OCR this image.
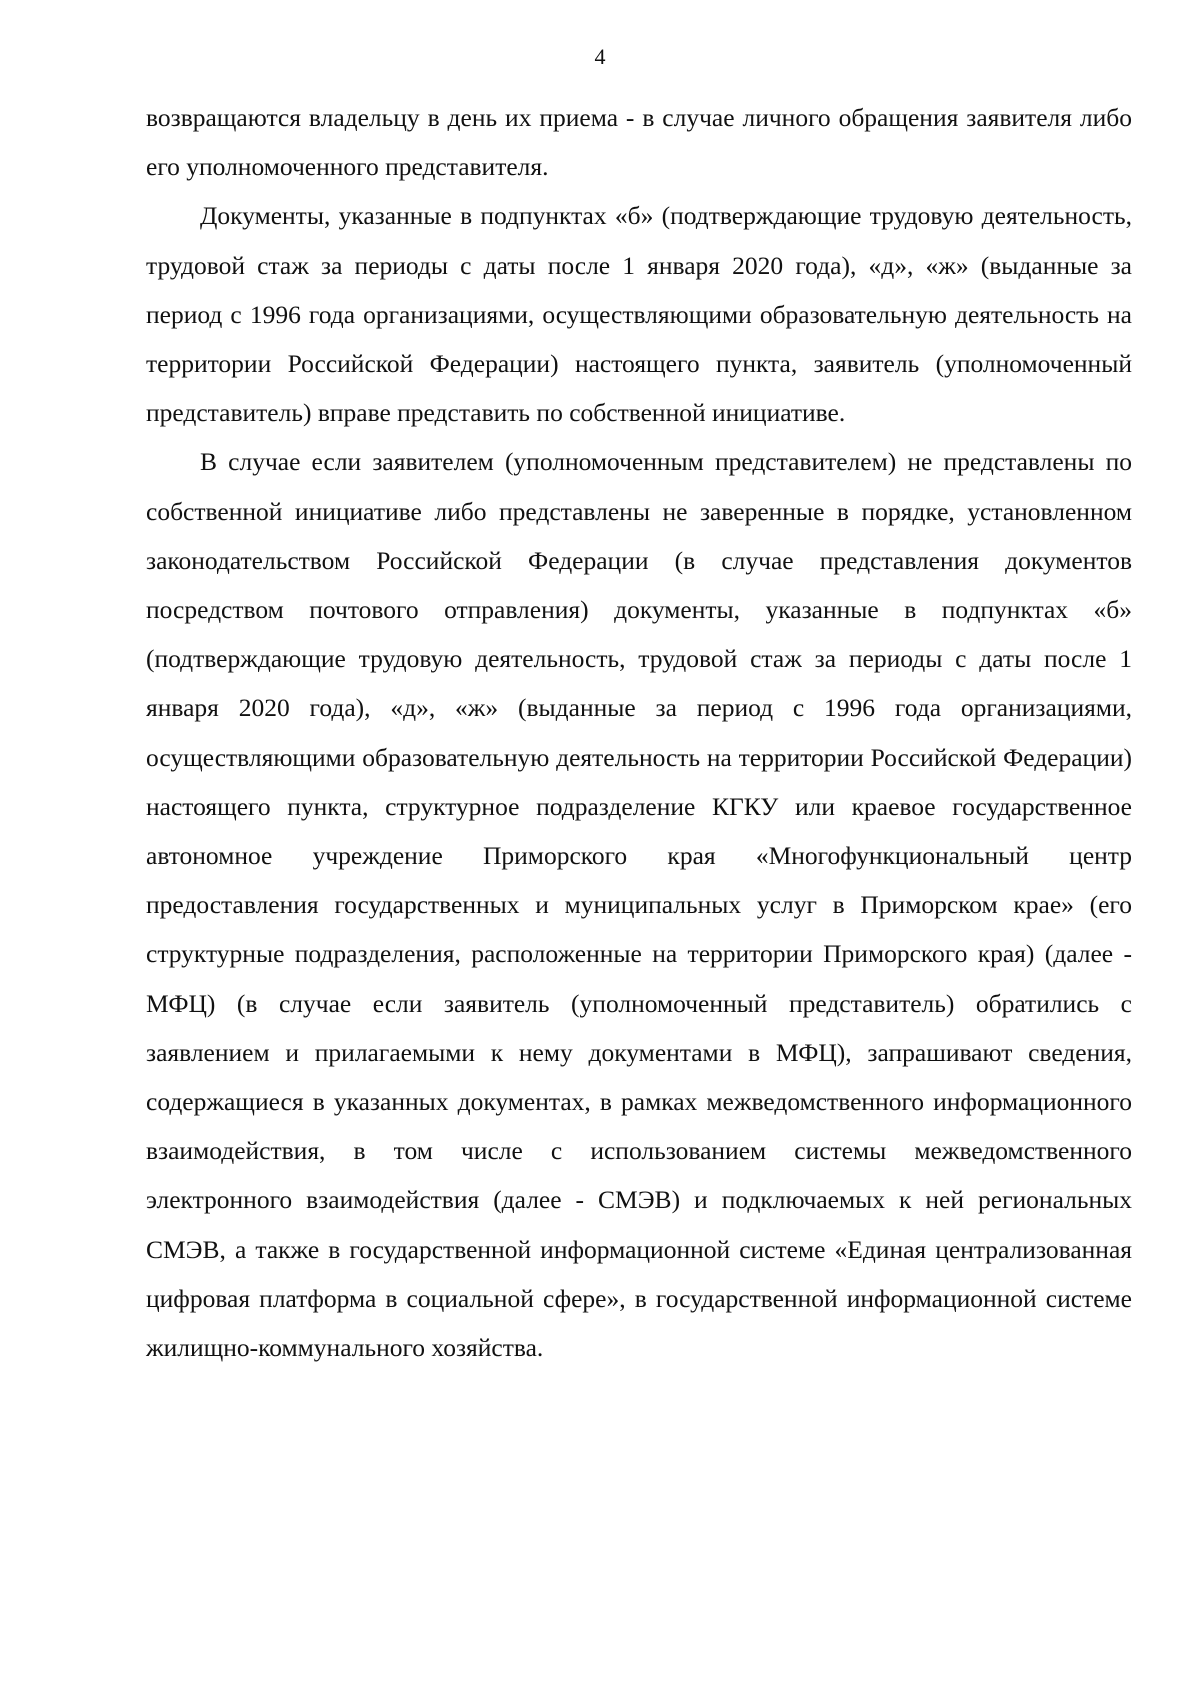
4

возвращаются владельцу в день их приема - в случае личного обращения заявителя либо его уполномоченного представителя.

Документы, указанные в подпунктах «б» (подтверждающие трудовую деятельность, трудовой стаж за периоды с даты после 1 января 2020 года), «д», «ж» (выданные за период с 1996 года организациями, осуществляющими образовательную деятельность на территории Российской Федерации) настоящего пункта, заявитель (уполномоченный представитель) вправе представить по собственной инициативе.

В случае если заявителем (уполномоченным представителем) не представлены по собственной инициативе либо представлены не заверенные в порядке, установленном законодательством Российской Федерации (в случае представления документов посредством почтового отправления) документы, указанные в подпунктах «б» (подтверждающие трудовую деятельность, трудовой стаж за периоды с даты после 1 января 2020 года), «д», «ж» (выданные за период с 1996 года организациями, осуществляющими образовательную деятельность на территории Российской Федерации) настоящего пункта, структурное подразделение КГКУ или краевое государственное автономное учреждение Приморского края «Многофункциональный центр предоставления государственных и муниципальных услуг в Приморском крае» (его структурные подразделения, расположенные на территории Приморского края) (далее - МФЦ) (в случае если заявитель (уполномоченный представитель) обратились с заявлением и прилагаемыми к нему документами в МФЦ), запрашивают сведения, содержащиеся в указанных документах, в рамках межведомственного информационного взаимодействия, в том числе с использованием системы межведомственного электронного взаимодействия (далее - СМЭВ) и подключаемых к ней региональных СМЭВ, а также в государственной информационной системе «Единая централизованная цифровая платформа в социальной сфере», в государственной информационной системе жилищно-коммунального хозяйства.
